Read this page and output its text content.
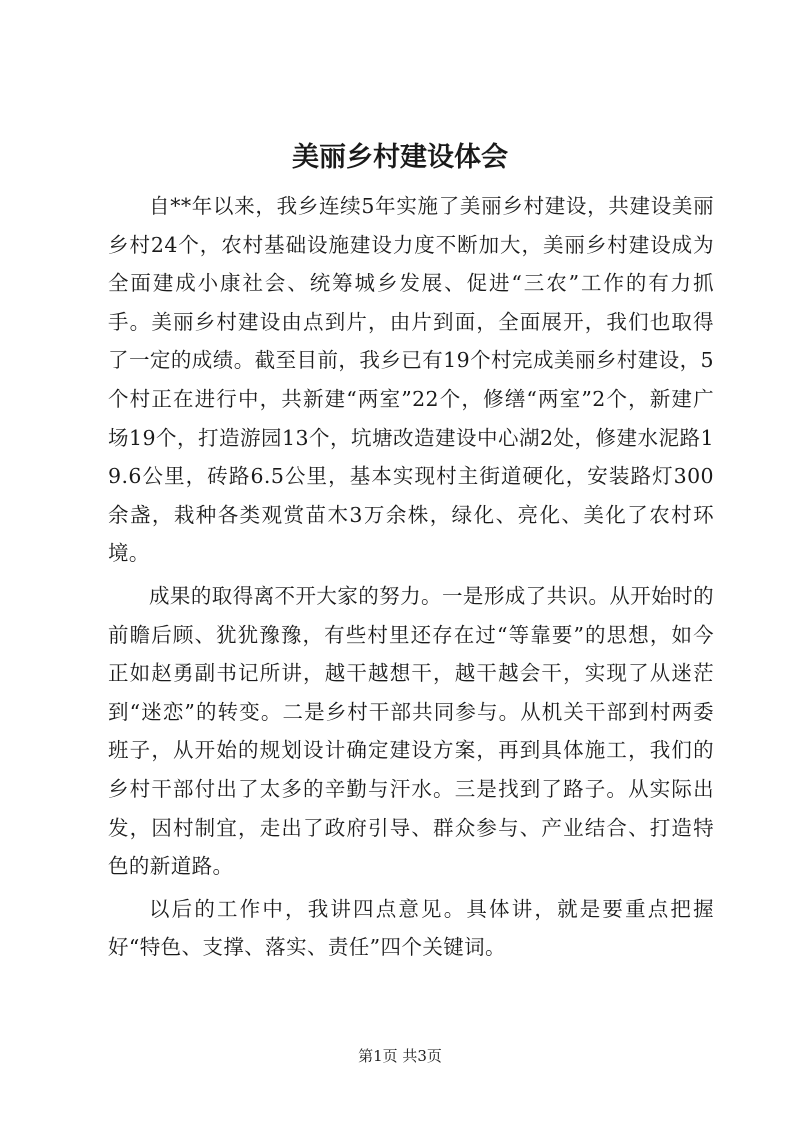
美丽乡村建设体会

自**年以来，我乡连续5年实施了美丽乡村建设，共建设美丽乡村24个，农村基础设施建设力度不断加大，美丽乡村建设成为全面建成小康社会、统筹城乡发展、促进“三农”工作的有力抓手。美丽乡村建设由点到片，由片到面，全面展开，我们也取得了一定的成绩。截至目前，我乡已有19个村完成美丽乡村建设，5个村正在进行中，共新建“两室”22个，修缮“两室”2个，新建广场19个，打造游园13个，坑塘改造建设中心湖2处，修建水泥路19.6公里，砖路6.5公里，基本实现村主街道硬化，安装路灯300余盏，栽种各类观赏苗木3万余株，绿化、亮化、美化了农村环境。

成果的取得离不开大家的努力。一是形成了共识。从开始时的前瞻后顾、犹犹豫豫，有些村里还存在过“等靠要”的思想，如今正如赵勇副书记所讲，越干越想干，越干越会干，实现了从迷茫到“迷恋”的转变。二是乡村干部共同参与。从机关干部到村两委班子，从开始的规划设计确定建设方案，再到具体施工，我们的乡村干部付出了太多的辛勤与汗水。三是找到了路子。从实际出发，因村制宜，走出了政府引导、群众参与、产业结合、打造特色的新道路。

以后的工作中，我讲四点意见。具体讲，就是要重点把握好“特色、支撑、落实、责任”四个关键词。

第1页 共3页
